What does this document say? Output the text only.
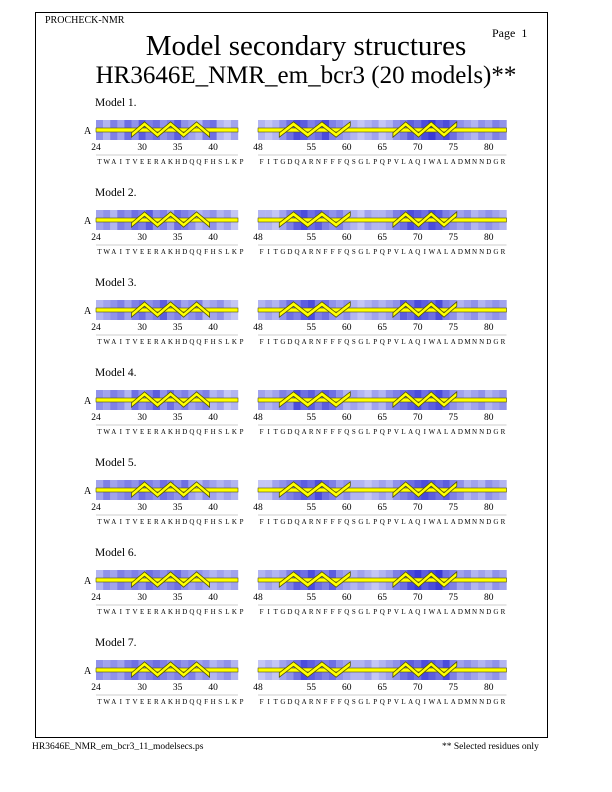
PROCHECK-NMR
Page  1
Model secondary structures
HR3646E_NMR_em_bcr3 (20 models)**
HR3646E_NMR_em_bcr3_11_modelsecs.ps	** Selected residues only
Model 1.
A
24	30	35	40
T W A I T V E E R A K H D Q Q F H S L K P
48	55	60	65	70	75	80
F I T G D Q A R N F F F Q S G L P Q P V L A Q I W A L A D M N N D G R
Model 2.
A
24	30	35	40
T W A I T V E E R A K H D Q Q F H S L K P
48	55	60	65	70	75	80
F I T G D Q A R N F F F Q S G L P Q P V L A Q I W A L A D M N N D G R
Model 3.
A
24	30	35	40
T W A I T V E E R A K H D Q Q F H S L K P
48	55	60	65	70	75	80
F I T G D Q A R N F F F Q S G L P Q P V L A Q I W A L A D M N N D G R
Model 4.
A
24	30	35	40
T W A I T V E E R A K H D Q Q F H S L K P
48	55	60	65	70	75	80
F I T G D Q A R N F F F Q S G L P Q P V L A Q I W A L A D M N N D G R
Model 5.
A
24	30	35	40
T W A I T V E E R A K H D Q Q F H S L K P
48	55	60	65	70	75	80
F I T G D Q A R N F F F Q S G L P Q P V L A Q I W A L A D M N N D G R
Model 6.
A
24	30	35	40
T W A I T V E E R A K H D Q Q F H S L K P
48	55	60	65	70	75	80
F I T G D Q A R N F F F Q S G L P Q P V L A Q I W A L A D M N N D G R
Model 7.
A
24	30	35	40
T W A I T V E E R A K H D Q Q F H S L K P
48	55	60	65	70	75	80
F I T G D Q A R N F F F Q S G L P Q P V L A Q I W A L A D M N N D G R
